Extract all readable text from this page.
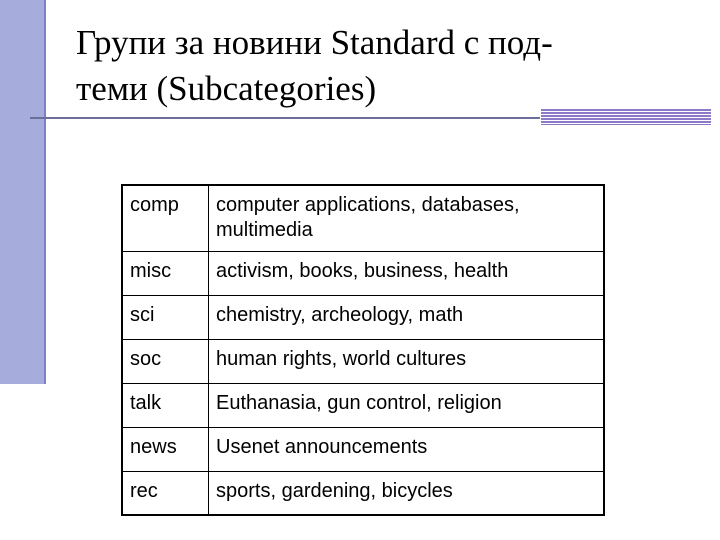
Групи за новини Standard с под-
теми (Subcategories)
comp	computer applications, databases, multimedia
misc	activism, books, business, health
sci	chemistry, archeology, math
soc	human rights, world cultures
talk	Euthanasia, gun control, religion
news	Usenet announcements
rec	sports, gardening, bicycles
